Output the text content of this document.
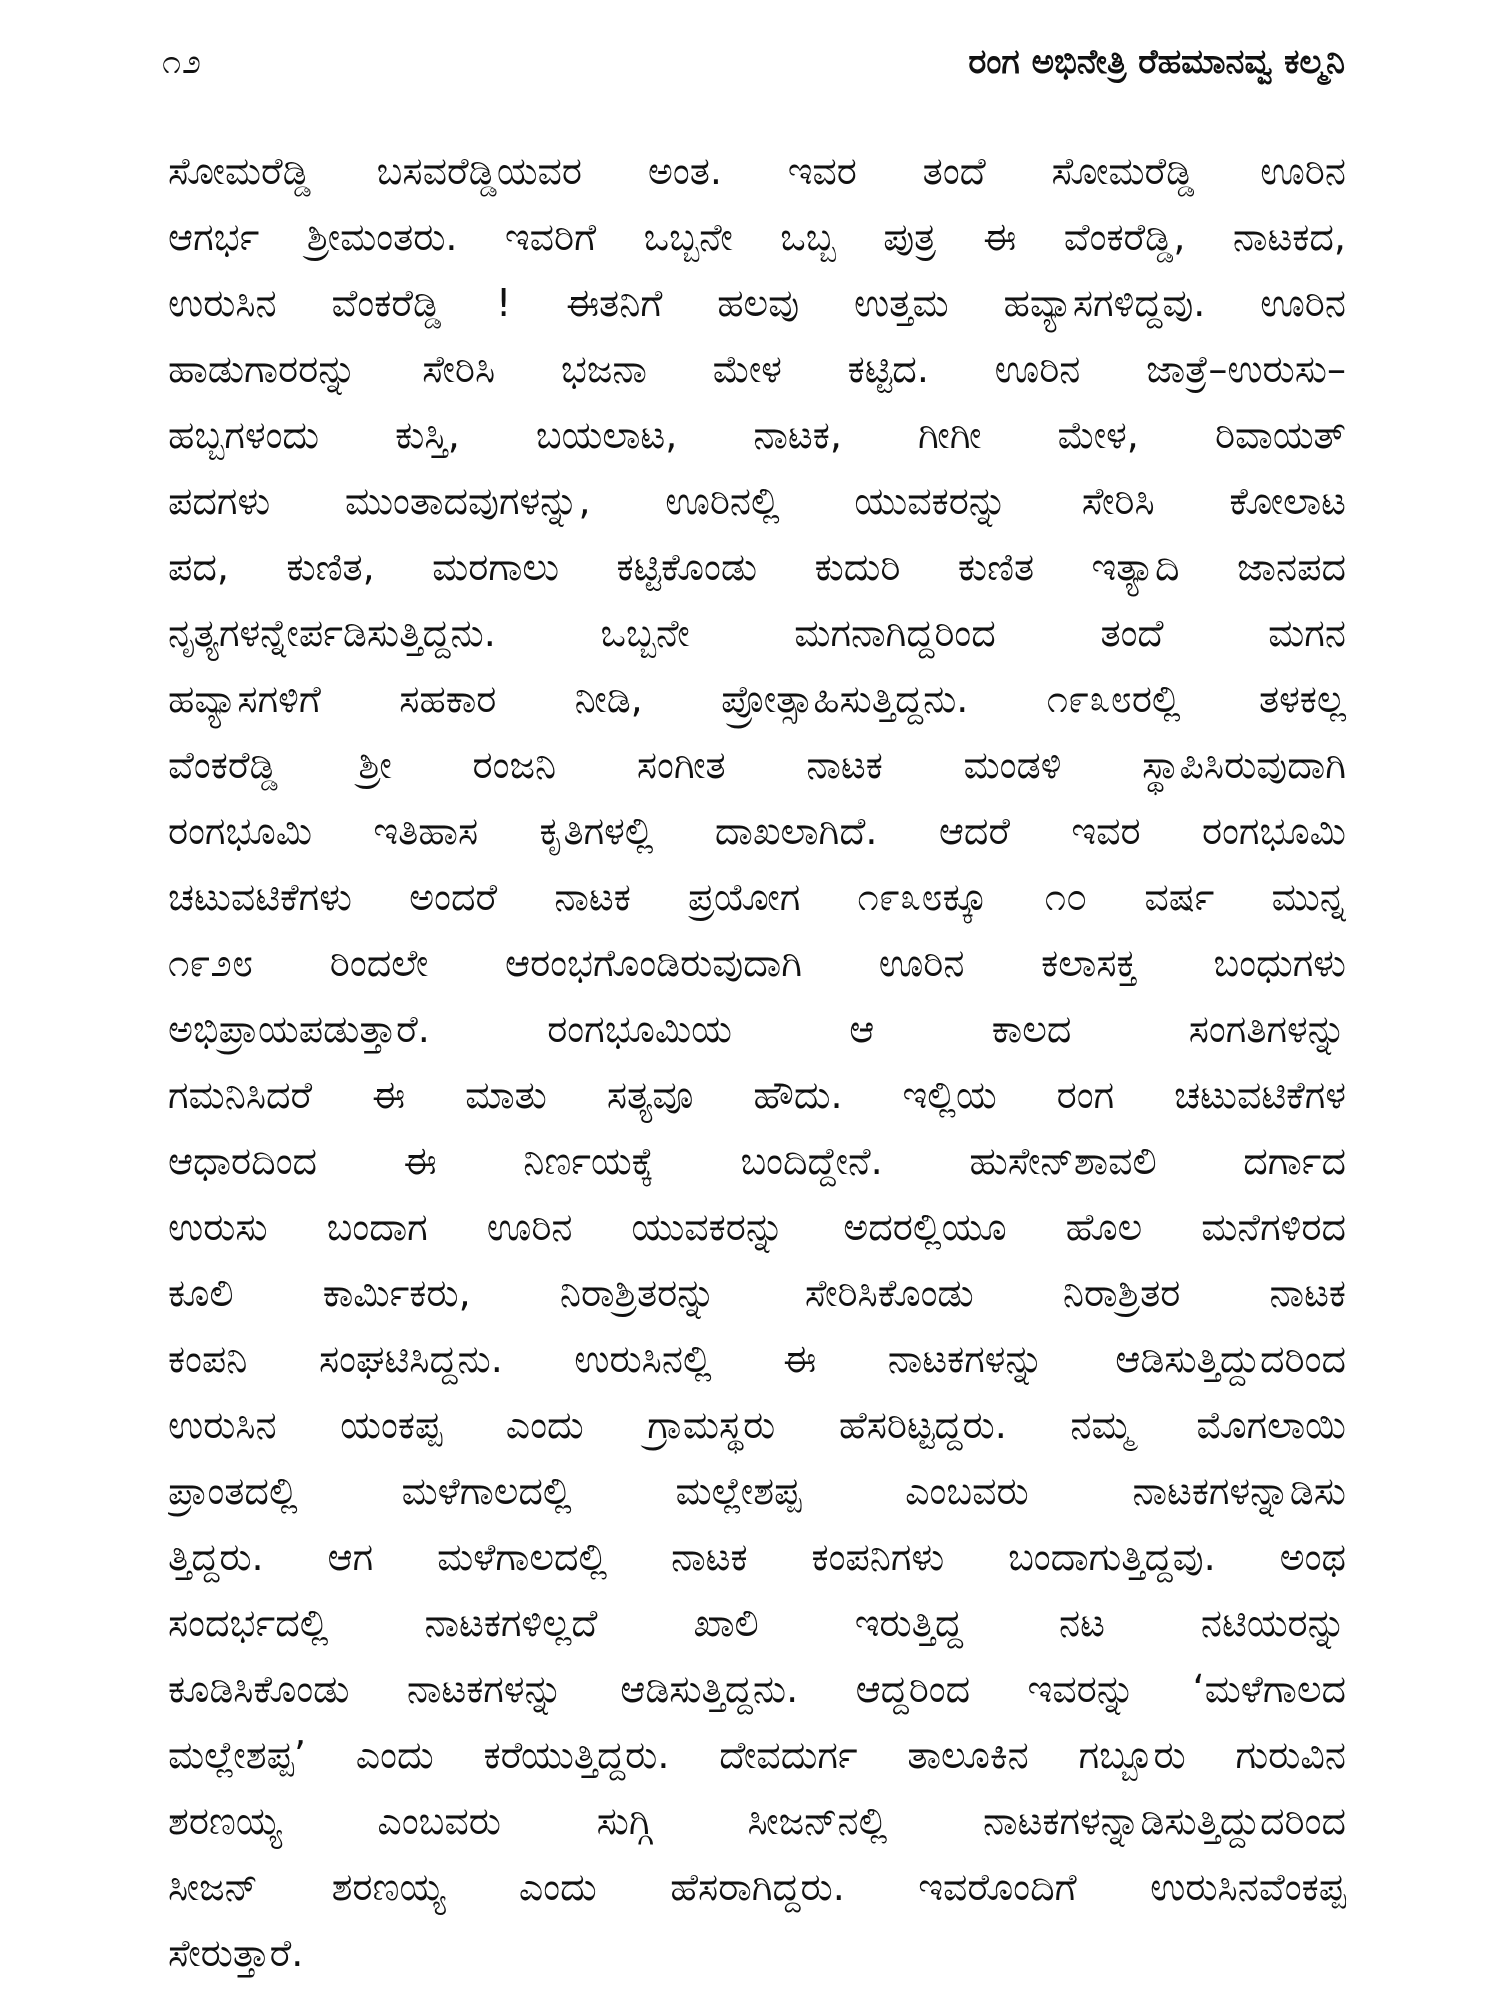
೧೨	ರಂಗ ಅಭಿನೇತ್ರಿ ರೆಹಮಾನವ್ವ ಕಲ್ಮನಿ
ಸೋಮರೆಡ್ಡಿ ಬಸವರೆಡ್ಡಿಯವರ ಅಂತ. ಇವರ ತಂದೆ ಸೋಮರೆಡ್ಡಿ ಊರಿನ
ಆಗರ್ಭ ಶ್ರೀಮಂತರು. ಇವರಿಗೆ ಒಬ್ಬನೇ ಒಬ್ಬ ಪುತ್ರ ಈ ವೆಂಕರೆಡ್ಡಿ, ನಾಟಕದ,
ಉರುಸಿನ ವೆಂಕರೆಡ್ಡಿ ! ಈತನಿಗೆ ಹಲವು ಉತ್ತಮ ಹವ್ಯಾಸಗಳಿದ್ದವು. ಊರಿನ
ಹಾಡುಗಾರರನ್ನು ಸೇರಿಸಿ ಭಜನಾ ಮೇಳ ಕಟ್ಟಿದ. ಊರಿನ ಜಾತ್ರೆ–ಉರುಸು–
ಹಬ್ಬಗಳಂದು ಕುಸ್ತಿ, ಬಯಲಾಟ, ನಾಟಕ, ಗೀಗೀ ಮೇಳ, ರಿವಾಯತ್
ಪದಗಳು ಮುಂತಾದವುಗಳನ್ನು, ಊರಿನಲ್ಲಿ ಯುವಕರನ್ನು ಸೇರಿಸಿ ಕೋಲಾಟ
ಪದ, ಕುಣಿತ, ಮರಗಾಲು ಕಟ್ಟಿಕೊಂಡು ಕುದುರಿ ಕುಣಿತ ಇತ್ಯಾದಿ ಜಾನಪದ
ನೃತ್ಯಗಳನ್ನೇರ್ಪಡಿಸುತ್ತಿದ್ದನು. ಒಬ್ಬನೇ ಮಗನಾಗಿದ್ದರಿಂದ ತಂದೆ ಮಗನ
ಹವ್ಯಾಸಗಳಿಗೆ ಸಹಕಾರ ನೀಡಿ, ಪ್ರೋತ್ಸಾಹಿಸುತ್ತಿದ್ದನು. ೧೯೩೮ರಲ್ಲಿ ತಳಕಲ್ಲ
ವೆಂಕರೆಡ್ಡಿ ಶ್ರೀ ರಂಜನಿ ಸಂಗೀತ ನಾಟಕ ಮಂಡಳಿ ಸ್ಥಾಪಿಸಿರುವುದಾಗಿ
ರಂಗಭೂಮಿ ಇತಿಹಾಸ ಕೃತಿಗಳಲ್ಲಿ ದಾಖಲಾಗಿದೆ. ಆದರೆ ಇವರ ರಂಗಭೂಮಿ
ಚಟುವಟಿಕೆಗಳು ಅಂದರೆ ನಾಟಕ ಪ್ರಯೋಗ ೧೯೩೮ಕ್ಕೂ ೧೦ ವರ್ಷ ಮುನ್ನ
೧೯೨೮ ರಿಂದಲೇ ಆರಂಭಗೊಂಡಿರುವುದಾಗಿ ಊರಿನ ಕಲಾಸಕ್ತ ಬಂಧುಗಳು
ಅಭಿಪ್ರಾಯಪಡುತ್ತಾರೆ. ರಂಗಭೂಮಿಯ ಆ ಕಾಲದ ಸಂಗತಿಗಳನ್ನು
ಗಮನಿಸಿದರೆ ಈ ಮಾತು ಸತ್ಯವೂ ಹೌದು. ಇಲ್ಲಿಯ ರಂಗ ಚಟುವಟಿಕೆಗಳ
ಆಧಾರದಿಂದ ಈ ನಿರ್ಣಯಕ್ಕೆ ಬಂದಿದ್ದೇನೆ. ಹುಸೇನ್‌ಶಾವಲಿ ದರ್ಗಾದ
ಉರುಸು ಬಂದಾಗ ಊರಿನ ಯುವಕರನ್ನು ಅದರಲ್ಲಿಯೂ ಹೊಲ ಮನೆಗಳಿರದ
ಕೂಲಿ ಕಾರ್ಮಿಕರು, ನಿರಾಶ್ರಿತರನ್ನು ಸೇರಿಸಿಕೊಂಡು ನಿರಾಶ್ರಿತರ ನಾಟಕ
ಕಂಪನಿ ಸಂಘಟಿಸಿದ್ದನು. ಉರುಸಿನಲ್ಲಿ ಈ ನಾಟಕಗಳನ್ನು ಆಡಿಸುತ್ತಿದ್ದುದರಿಂದ
ಉರುಸಿನ ಯಂಕಪ್ಪ ಎಂದು ಗ್ರಾಮಸ್ಥರು ಹೆಸರಿಟ್ಟದ್ದರು. ನಮ್ಮ ಮೊಗಲಾಯಿ
ಪ್ರಾಂತದಲ್ಲಿ ಮಳೆಗಾಲದಲ್ಲಿ ಮಲ್ಲೇಶಪ್ಪ ಎಂಬವರು ನಾಟಕಗಳನ್ನಾಡಿಸು
ತ್ತಿದ್ದರು. ಆಗ ಮಳೆಗಾಲದಲ್ಲಿ ನಾಟಕ ಕಂಪನಿಗಳು ಬಂದಾಗುತ್ತಿದ್ದವು. ಅಂಥ
ಸಂದರ್ಭದಲ್ಲಿ ನಾಟಕಗಳಿಲ್ಲದೆ ಖಾಲಿ ಇರುತ್ತಿದ್ದ ನಟ ನಟಿಯರನ್ನು
ಕೂಡಿಸಿಕೊಂಡು ನಾಟಕಗಳನ್ನು ಆಡಿಸುತ್ತಿದ್ದನು. ಆದ್ದರಿಂದ ಇವರನ್ನು ‘ಮಳೆಗಾಲದ
ಮಲ್ಲೇಶಪ್ಪ’ ಎಂದು ಕರೆಯುತ್ತಿದ್ದರು. ದೇವದುರ್ಗ ತಾಲೂಕಿನ ಗಬ್ಬೂರು ಗುರುವಿನ
ಶರಣಯ್ಯ ಎಂಬವರು ಸುಗ್ಗಿ ಸೀಜನ್‌ನಲ್ಲಿ ನಾಟಕಗಳನ್ನಾಡಿಸುತ್ತಿದ್ದುದರಿಂದ
ಸೀಜನ್ ಶರಣಯ್ಯ ಎಂದು ಹೆಸರಾಗಿದ್ದರು. ಇವರೊಂದಿಗೆ ಉರುಸಿನವೆಂಕಪ್ಪ
ಸೇರುತ್ತಾರೆ.
